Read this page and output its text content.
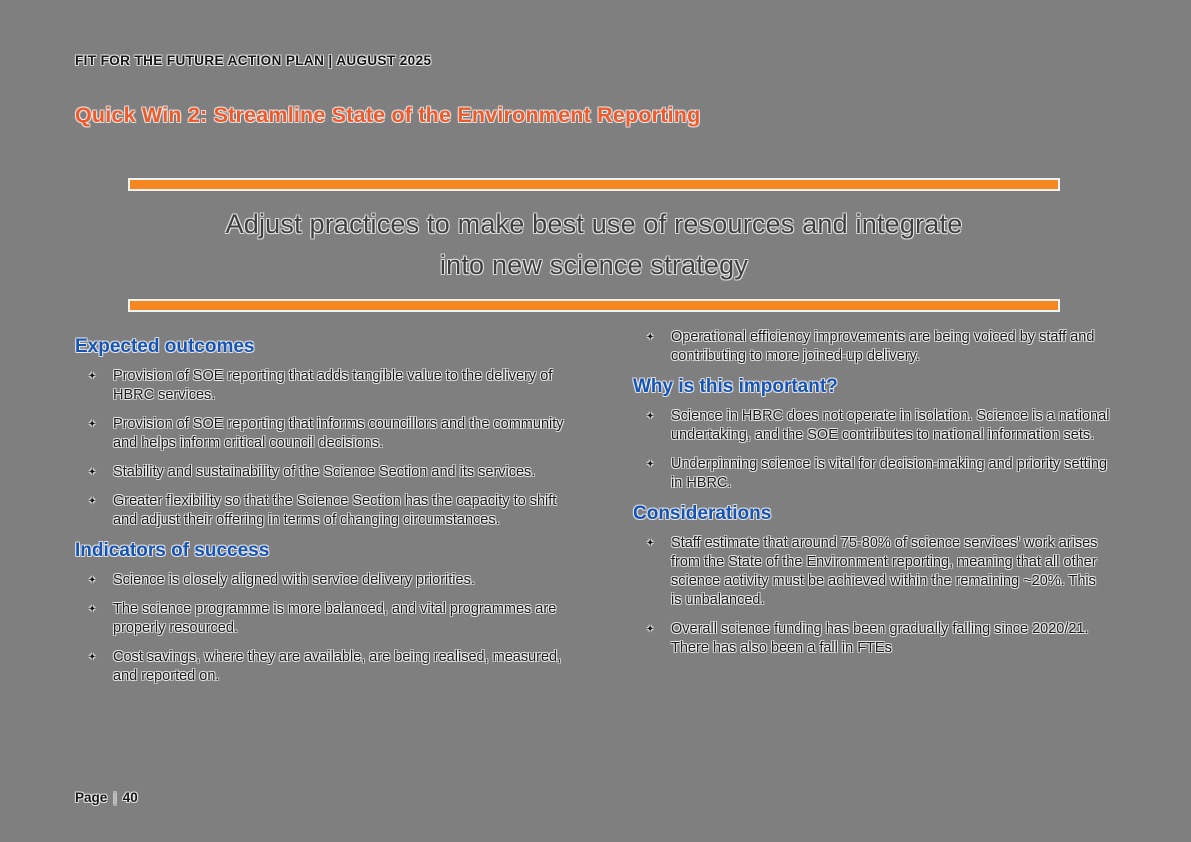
FIT FOR THE FUTURE ACTION PLAN | AUGUST 2025
Quick Win 2: Streamline State of the Environment Reporting
Adjust practices to make best use of resources and integrate
into new science strategy
Expected outcomes
✦	Provision of SOE reporting that adds tangible value to the delivery of HBRC services.
✦	Provision of SOE reporting that informs councillors and the community and helps inform critical council decisions.
✦	Stability and sustainability of the Science Section and its services.
✦	Greater flexibility so that the Science Section has the capacity to shift and adjust their offering in terms of changing circumstances.
Indicators of success
✦	Science is closely aligned with service delivery priorities.
✦	The science programme is more balanced, and vital programmes are properly resourced.
✦	Cost savings, where they are available, are being realised, measured, and reported on.
✦	Operational efficiency improvements are being voiced by staff and contributing to more joined-up delivery.
Why is this important?
✦	Science in HBRC does not operate in isolation. Science is a national undertaking, and the SOE contributes to national information sets.
✦	Underpinning science is vital for decision-making and priority setting in HBRC.
Considerations
✦	Staff estimate that around 75-80% of science services' work arises from the State of the Environment reporting, meaning that all other science activity must be achieved within the remaining ~20%. This is unbalanced.
✦	Overall science funding has been gradually falling since 2020/21. There has also been a fall in FTEs
Page | 40
